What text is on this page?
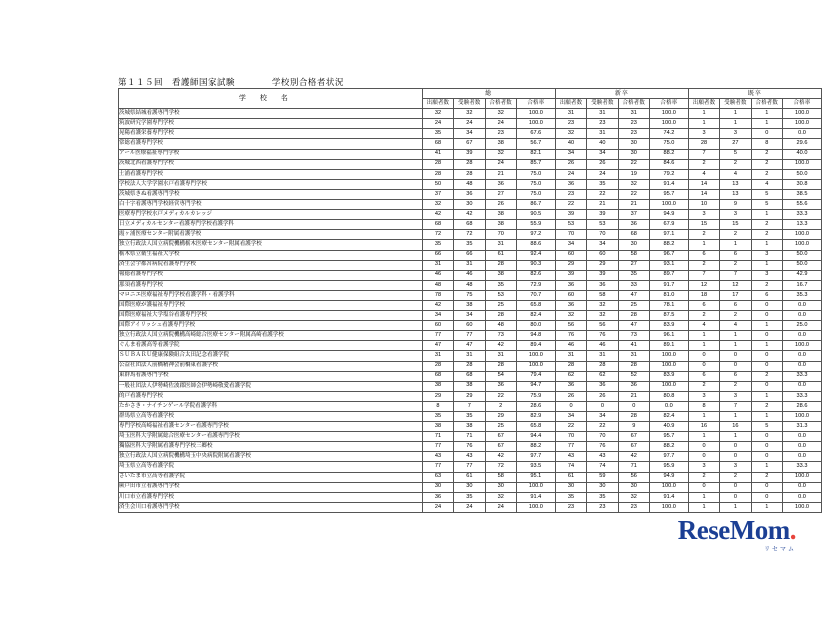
第１１５回　看護師国家試験	学校別合格者状況
学校名	総				新卒				既卒			
	出願者数	受験者数	合格者数	合格率	出願者数	受験者数	合格者数	合格率	出願者数	受験者数	合格者数	合格率
茨城県結城看護専門学校	32	32	32	100.0	31	31	31	100.0	1	1	1	100.0
筑波研究学園専門学校	24	24	24	100.0	23	23	23	100.0	1	1	1	100.0
晃陽看護栄養専門学校	35	34	23	67.6	32	31	23	74.2	3	3	0	0.0
常総看護専門学校	68	67	38	56.7	40	40	30	75.0	28	27	8	29.6
アール医療福祉専門学校	41	39	32	82.1	34	34	30	88.2	7	5	2	40.0
茨城北西看護専門学校	28	28	24	85.7	26	26	22	84.6	2	2	2	100.0
土浦看護専門学校	28	28	21	75.0	24	24	19	79.2	4	4	2	50.0
学校法人大学学園水戸看護専門学校	50	48	36	75.0	36	35	32	91.4	14	13	4	30.8
茨城県きぬ看護専門学校	37	36	27	75.0	23	22	22	95.7	14	13	5	38.5
白十字看護専門学校経営専門学校	32	30	26	86.7	22	21	21	100.0	10	9	5	55.6
医療専門学校水戸メディカルカレッジ	42	42	38	90.5	39	39	37	94.9	3	3	1	33.3
日立メディカルセンター看護専門学校看護学科	68	68	38	55.9	53	53	36	67.9	15	15	2	13.3
霞ヶ浦医療センター附属看護学校	72	72	70	97.2	70	70	68	97.1	2	2	2	100.0
独立行政法人国立病院機構栃木医療センター附属看護学校	35	35	31	88.6	34	34	30	88.2	1	1	1	100.0
栃木県立衛生福祉大学校	66	66	61	92.4	60	60	58	96.7	6	6	3	50.0
済生会宇都宮病院看護専門学校	31	31	28	90.3	29	29	27	93.1	2	2	1	50.0
報徳看護専門学校	46	46	38	82.6	39	39	35	89.7	7	7	3	42.9
那須看護専門学校	48	48	35	72.9	36	36	33	91.7	12	12	2	16.7
マロニエ医療福祉専門学校看護学科・看護学科	78	75	53	70.7	60	58	47	81.0	18	17	6	35.3
国際医療が護福祉専門学校	42	38	25	65.8	36	32	25	78.1	6	6	0	0.0
国際医療福祉大学塩谷看護専門学校	34	34	28	82.4	32	32	28	87.5	2	2	0	0.0
国際アイリッシュ看護専門学校	60	60	48	80.0	56	56	47	83.9	4	4	1	25.0
独立行政法人国立病院機構高崎総合医療センター附属高崎看護学校	77	77	73	94.8	76	76	73	96.1	1	1	0	0.0
ぐんま看護高等看護学院	47	47	42	89.4	46	46	41	89.1	1	1	1	100.0
ＳＵＢＡＲＵ健康保険組合太田記念看護学院	31	31	31	100.0	31	31	31	100.0	0	0	0	0.0
公益社団法人前橋精神会前橋東看護学校	28	28	28	100.0	28	28	28	100.0	0	0	0	0.0
東群馬看護専門学校	68	68	54	79.4	62	62	52	83.9	6	6	2	33.3
一般社団法人伊勢崎佐波郡医師会伊勢崎敬愛看護学院	38	38	36	94.7	36	36	36	100.0	2	2	0	0.0
的戸看護専門学校	29	29	22	75.9	26	26	21	80.8	3	3	1	33.3
たかさき・ナイチンゲール学院看護学科	8	7	2	28.6	0	0	0	0.0	8	7	2	28.6
群馬県立高等看護学校	35	35	29	82.9	34	34	28	82.4	1	1	1	100.0
専門学校高崎福祉看護センター看護専門学校	38	38	25	65.8	22	22	9	40.9	16	16	5	31.3
埼玉医科大学附属総合医療センター看護専門学校	71	71	67	94.4	70	70	67	95.7	1	1	0	0.0
獨協医科大学附属看護専門学校三郷校	77	76	67	88.2	77	76	67	88.2	0	0	0	0.0
独立行政法人国立病院機構埼玉中央病院附属看護学校	43	43	42	97.7	43	43	42	97.7	0	0	0	0.0
埼玉県立高等看護学院	77	77	72	93.5	74	74	71	95.9	3	3	1	33.3
さいたま市立高等看護学院	63	61	58	95.1	61	59	56	94.9	2	2	2	100.0
蕨戸田市立看護専門学校	30	30	30	100.0	30	30	30	100.0	0	0	0	0.0
川口市立看護専門学校	36	35	32	91.4	35	35	32	91.4	1	0	0	0.0
済生会川口看護専門学校	24	24	24	100.0	23	23	23	100.0	1	1	1	100.0
ReseMom.
リセマム
